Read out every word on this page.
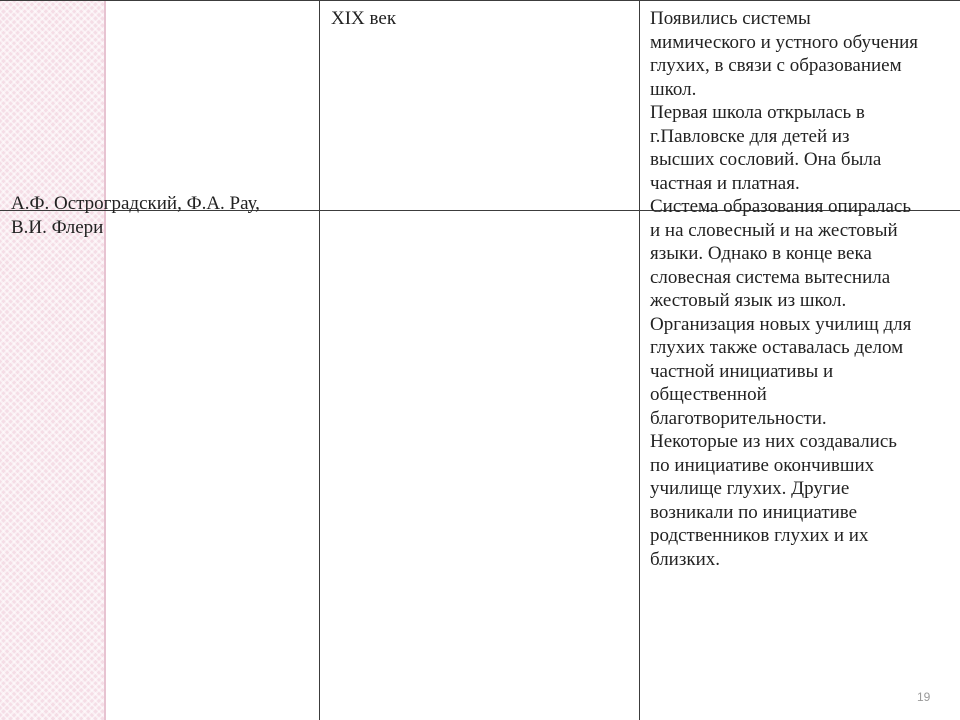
А.Ф. Остроградский, Ф.А. Рау,
В.И. Флери
XIX век	Появились системы
мимического и устного обучения
глухих, в связи с образованием
школ.
Первая школа открылась в
г.Павловске для детей из
высших сословий. Она была
частная и платная.
Система образования опиралась
и на словесный и на жестовый
языки. Однако в конце века
словесная система вытеснила
жестовый язык из школ.
Организация новых училищ для
глухих также оставалась делом
частной инициативы и
общественной
благотворительности.
Некоторые из них создавались
по инициативе окончивших
училище глухих. Другие
возникали по инициативе
родственников глухих и их
близких.
19
